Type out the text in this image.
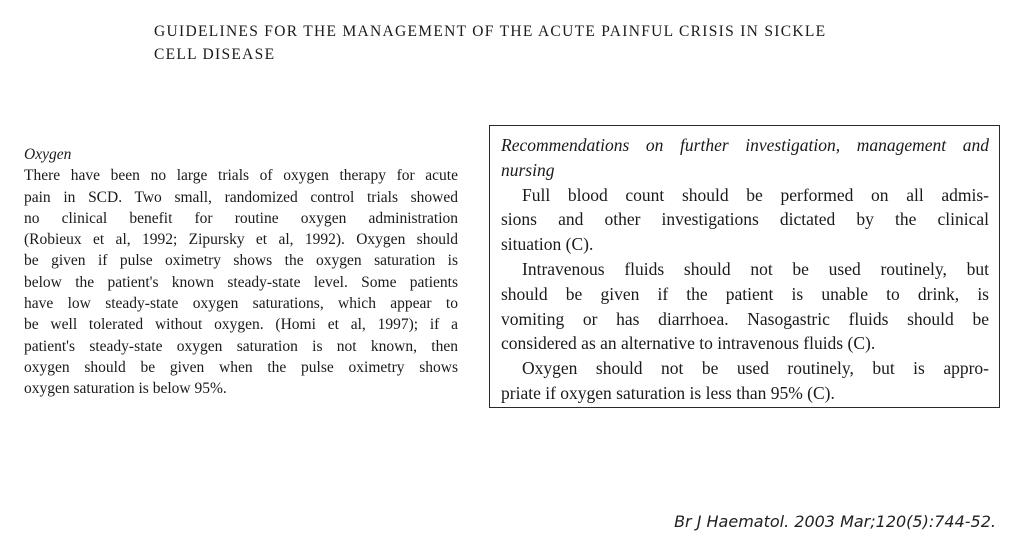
GUIDELINES FOR THE MANAGEMENT OF THE ACUTE PAINFUL CRISIS IN SICKLE
CELL DISEASE
Oxygen
There have been no large trials of oxygen therapy for acute
pain in SCD. Two small, randomized control trials showed
no clinical benefit for routine oxygen administration
(Robieux et al, 1992; Zipursky et al, 1992). Oxygen should
be given if pulse oximetry shows the oxygen saturation is
below the patient's known steady-state level. Some patients
have low steady-state oxygen saturations, which appear to
be well tolerated without oxygen. (Homi et al, 1997); if a
patient's steady-state oxygen saturation is not known, then
oxygen should be given when the pulse oximetry shows
oxygen saturation is below 95%.
Recommendations on further investigation, management and
nursing
Full blood count should be performed on all admis-
sions and other investigations dictated by the clinical
situation (C).
Intravenous fluids should not be used routinely, but
should be given if the patient is unable to drink, is
vomiting or has diarrhoea. Nasogastric fluids should be
considered as an alternative to intravenous fluids (C).
Oxygen should not be used routinely, but is appro-
priate if oxygen saturation is less than 95% (C).
Br J Haematol. 2003 Mar;120(5):744-52.
